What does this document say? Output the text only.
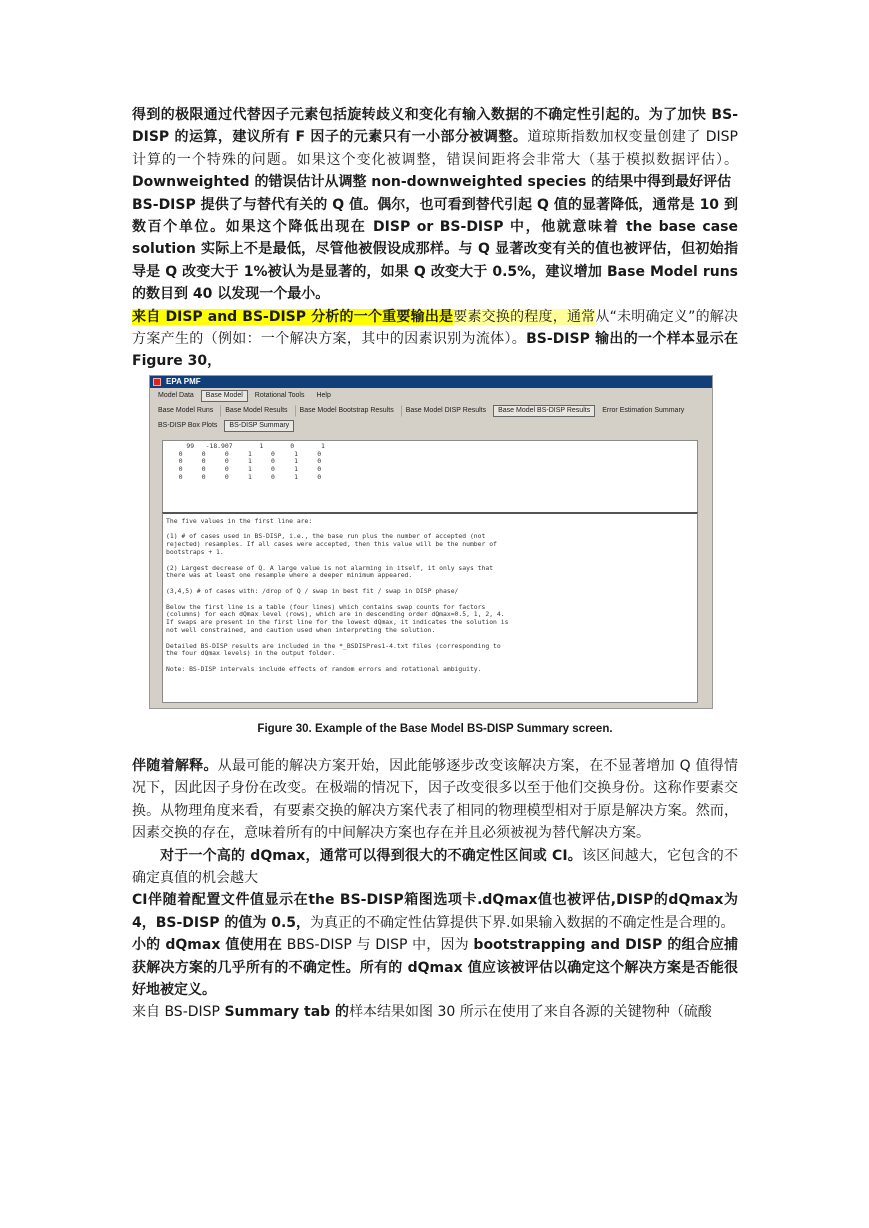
得到的极限通过代替因子元素包括旋转歧义和变化有输入数据的不确定性引起的。为了加快 BS-DISP 的运算，建议所有 F 因子的元素只有一小部分被调整。道琼斯指数加权变量创建了 DISP 计算的一个特殊的问题。如果这个变化被调整，错误间距将会非常大（基于模拟数据评估）。Downweighted 的错误估计从调整 non-downweighted species 的结果中得到最好评估

BS-DISP 提供了与替代有关的 Q 值。偶尔，也可看到替代引起 Q 值的显著降低，通常是 10 到数百个单位。如果这个降低出现在 DISP or BS-DISP 中，他就意味着 the base case solution 实际上不是最低，尽管他被假设成那样。与 Q 显著改变有关的值也被评估，但初始指导是 Q 改变大于 1%被认为是显著的，如果 Q 改变大于 0.5%，建议增加 Base Model runs 的数目到 40 以发现一个最小。

来自 DISP and BS-DISP 分析的一个重要输出是要素交换的程度，通常从“未明确定义”的解决方案产生的（例如：一个解决方案，其中的因素识别为流体）。BS-DISP 输出的一个样本显示在 Figure 30，

EPA PMF
Model Data	Base Model	Rotational Tools	Help
Base Model Runs	Base Model Results	Base Model Bootstrap Results	Base Model DISP Results	Base Model BS-DISP Results	Error Estimation Summary
BS-DISP Box Plots	BS-DISP Summary
99   -18.907       1       0       1
0     0     0     1     0     1     0
0     0     0     1     0     1     0
0     0     0     1     0     1     0
0     0     0     1     0     1     0
The five values in the first line are:

(1) # of cases used in BS-DISP, i.e., the base run plus the number of accepted (not
rejected) resamples. If all cases were accepted, then this value will be the number of
bootstraps + 1.

(2) Largest decrease of Q. A large value is not alarming in itself, it only says that
there was at least one resample where a deeper minimum appeared.

(3,4,5) # of cases with: /drop of Q / swap in best fit / swap in DISP phase/

Below the first line is a table (four lines) which contains swap counts for factors
(columns) for each dQmax level (rows), which are in descending order dQmax=0.5, 1, 2, 4.
If swaps are present in the first line for the lowest dQmax, it indicates the solution is
not well constrained, and caution used when interpreting the solution.

Detailed BS-DISP results are included in the *_BSDISPres1-4.txt files (corresponding to
the four dQmax levels) in the output folder.

Note: BS-DISP intervals include effects of random errors and rotational ambiguity.
Figure 30. Example of the Base Model BS-DISP Summary screen.

伴随着解释。从最可能的解决方案开始，因此能够逐步改变该解决方案，在不显著增加 Q 值得情况下，因此因子身份在改变。在极端的情况下，因子改变很多以至于他们交换身份。这称作要素交换。从物理角度来看，有要素交换的解决方案代表了相同的物理模型相对于原是解决方案。然而，因素交换的存在，意味着所有的中间解决方案也存在并且必须被视为替代解决方案。

对于一个高的 dQmax，通常可以得到很大的不确定性区间或 CI。该区间越大，它包含的不确定真值的机会越大

CI伴随着配置文件值显示在the BS-DISP箱图选项卡.dQmax值也被评估,DISP的dQmax为 4，BS-DISP 的值为 0.5，为真正的不确定性估算提供下界.如果输入数据的不确定性是合理的。

小的 dQmax 值使用在 BBS-DISP 与 DISP 中，因为 bootstrapping and DISP 的组合应捕获解决方案的几乎所有的不确定性。所有的 dQmax 值应该被评估以确定这个解决方案是否能很好地被定义。

来自 BS-DISP Summary tab 的样本结果如图 30 所示在使用了来自各源的关键物种（硫酸
